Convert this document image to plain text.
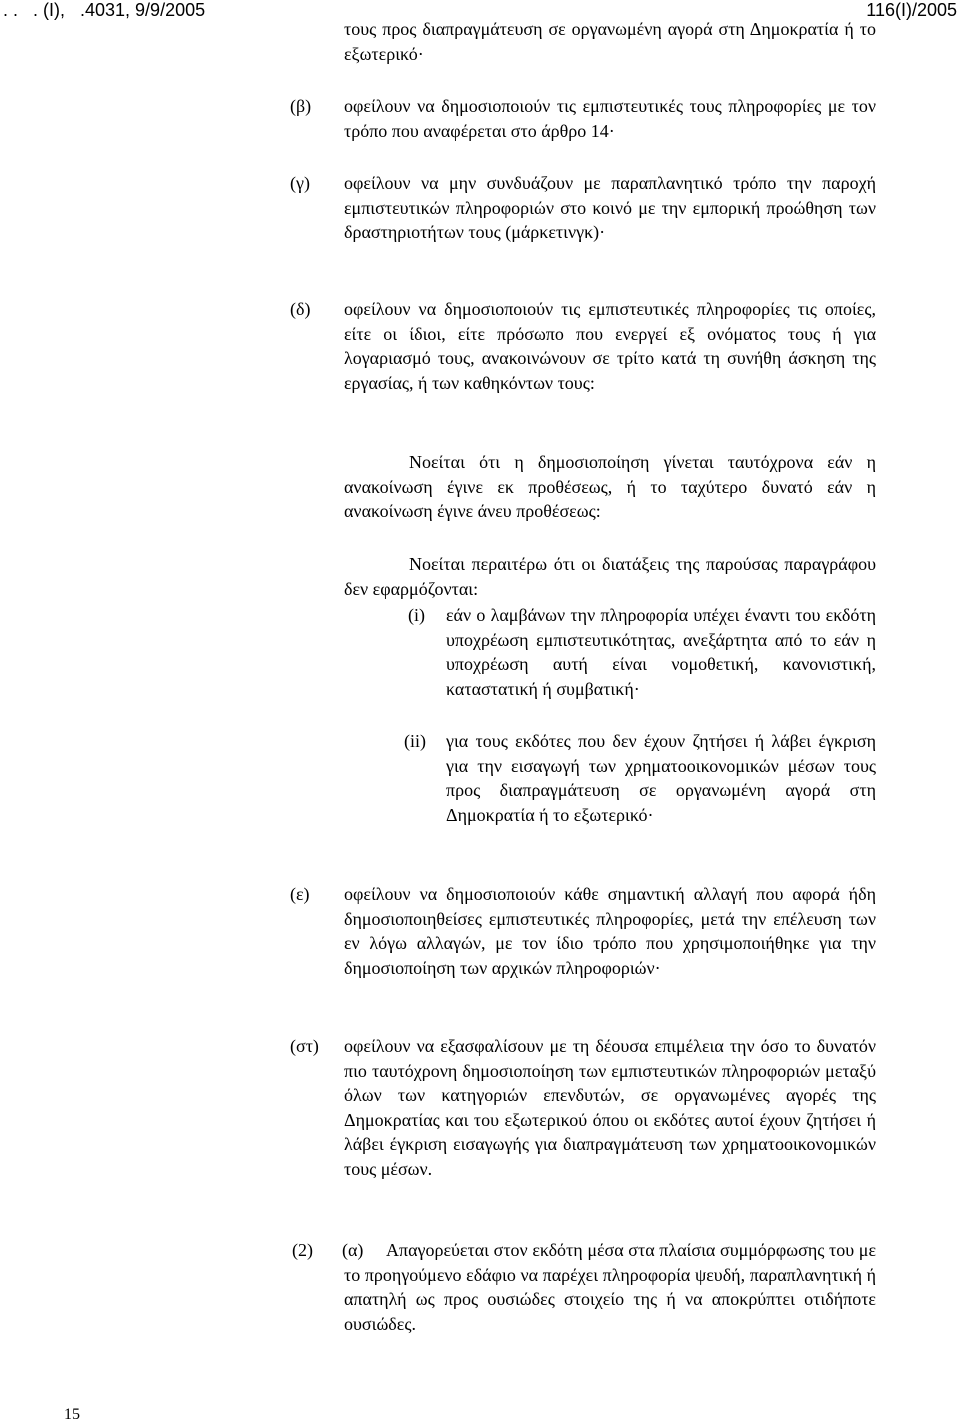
. .   . (I),   .4031, 9/9/2005	116(I)/2005

τους προς διαπραγμάτευση σε οργανωμένη αγορά στη Δημοκρατία ή το εξωτερικό·

(β) οφείλουν να δημοσιοποιούν τις εμπιστευτικές τους πληροφορίες με τον τρόπο που αναφέρεται στο άρθρο 14·

(γ) οφείλουν να μην συνδυάζουν με παραπλανητικό τρόπο την παροχή εμπιστευτικών πληροφοριών στο κοινό με την εμπορική προώθηση των δραστηριοτήτων τους (μάρκετινγκ)·

(δ) οφείλουν να δημοσιοποιούν τις εμπιστευτικές πληροφορίες τις οποίες, είτε οι ίδιοι, είτε πρόσωπο που ενεργεί εξ ονόματος τους ή για λογαριασμό τους, ανακοινώνουν σε τρίτο κατά τη συνήθη άσκηση της εργασίας, ή των καθηκόντων τους:

Νοείται ότι η δημοσιοποίηση γίνεται ταυτόχρονα εάν η ανακοίνωση έγινε εκ προθέσεως, ή το ταχύτερο δυνατό εάν η ανακοίνωση έγινε άνευ προθέσεως:

Νοείται περαιτέρω ότι οι διατάξεις της παρούσας παραγράφου δεν εφαρμόζονται:

(i) εάν ο λαμβάνων την πληροφορία υπέχει έναντι του εκδότη υποχρέωση εμπιστευτικότητας, ανεξάρτητα από το εάν η υποχρέωση αυτή είναι νομοθετική, κανονιστική, καταστατική ή συμβατική·

(ii) για τους εκδότες που δεν έχουν ζητήσει ή λάβει έγκριση για την εισαγωγή των χρηματοοικονομικών μέσων τους προς διαπραγμάτευση σε οργανωμένη αγορά στη Δημοκρατία ή το εξωτερικό·

(ε) οφείλουν να δημοσιοποιούν κάθε σημαντική αλλαγή που αφορά ήδη δημοσιοποιηθείσες εμπιστευτικές πληροφορίες, μετά την επέλευση των εν λόγω αλλαγών, με τον ίδιο τρόπο που χρησιμοποιήθηκε για την δημοσιοποίηση των αρχικών πληροφοριών·

(στ) οφείλουν να εξασφαλίσουν με τη δέουσα επιμέλεια την όσο το δυνατόν πιο ταυτόχρονη δημοσιοποίηση των εμπιστευτικών πληροφοριών μεταξύ όλων των κατηγοριών επενδυτών, σε οργανωμένες αγορές της Δημοκρατίας και του εξωτερικού όπου οι εκδότες αυτοί έχουν ζητήσει ή λάβει έγκριση εισαγωγής για διαπραγμάτευση των χρηματοοικονομικών τους μέσων.

(2) (α)	Απαγορεύεται στον εκδότη μέσα στα πλαίσια συμμόρφωσης του με το προηγούμενο εδάφιο να παρέχει πληροφορία ψευδή, παραπλανητική ή απατηλή ως προς ουσιώδες στοιχείο της ή να αποκρύπτει οτιδήποτε ουσιώδες.

15
